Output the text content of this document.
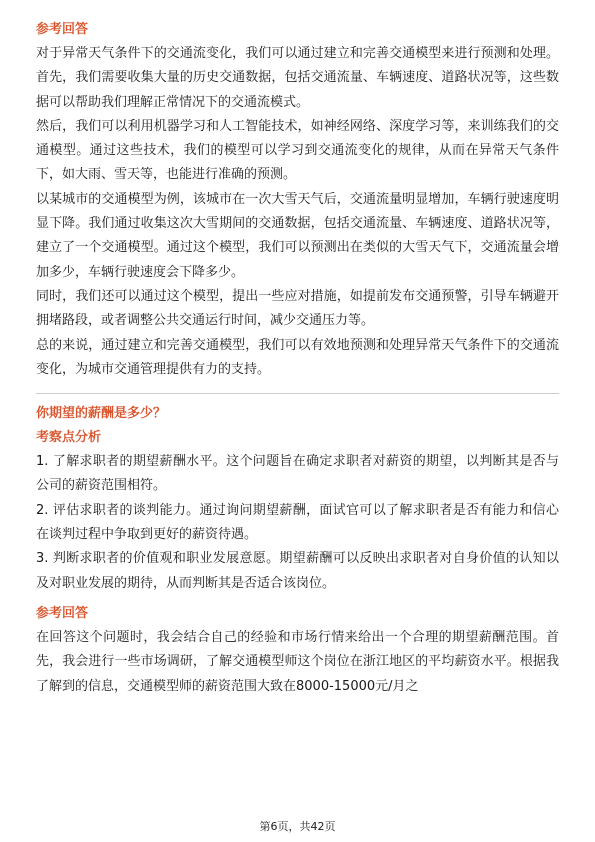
参考回答

对于异常天气条件下的交通流变化，我们可以通过建立和完善交通模型来进行预测和处理。首先，我们需要收集大量的历史交通数据，包括交通流量、车辆速度、道路状况等，这些数据可以帮助我们理解正常情况下的交通流模式。

然后，我们可以利用机器学习和人工智能技术，如神经网络、深度学习等，来训练我们的交通模型。通过这些技术，我们的模型可以学习到交通流变化的规律，从而在异常天气条件下，如大雨、雪天等，也能进行准确的预测。

以某城市的交通模型为例，该城市在一次大雪天气后，交通流量明显增加，车辆行驶速度明显下降。我们通过收集这次大雪期间的交通数据，包括交通流量、车辆速度、道路状况等，建立了一个交通模型。通过这个模型，我们可以预测出在类似的大雪天气下，交通流量会增加多少，车辆行驶速度会下降多少。

同时，我们还可以通过这个模型，提出一些应对措施，如提前发布交通预警，引导车辆避开拥堵路段，或者调整公共交通运行时间，减少交通压力等。

总的来说，通过建立和完善交通模型，我们可以有效地预测和处理异常天气条件下的交通流变化，为城市交通管理提供有力的支持。

你期望的薪酬是多少？
考察点分析

1. 了解求职者的期望薪酬水平。这个问题旨在确定求职者对薪资的期望，以判断其是否与公司的薪资范围相符。

2. 评估求职者的谈判能力。通过询问期望薪酬，面试官可以了解求职者是否有能力和信心在谈判过程中争取到更好的薪资待遇。

3. 判断求职者的价值观和职业发展意愿。期望薪酬可以反映出求职者对自身价值的认知以及对职业发展的期待，从而判断其是否适合该岗位。

参考回答

在回答这个问题时，我会结合自己的经验和市场行情来给出一个合理的期望薪酬范围。首先，我会进行一些市场调研，了解交通模型师这个岗位在浙江地区的平均薪资水平。根据我了解到的信息，交通模型师的薪资范围大致在8000-15000元/月之

第6页，共42页
